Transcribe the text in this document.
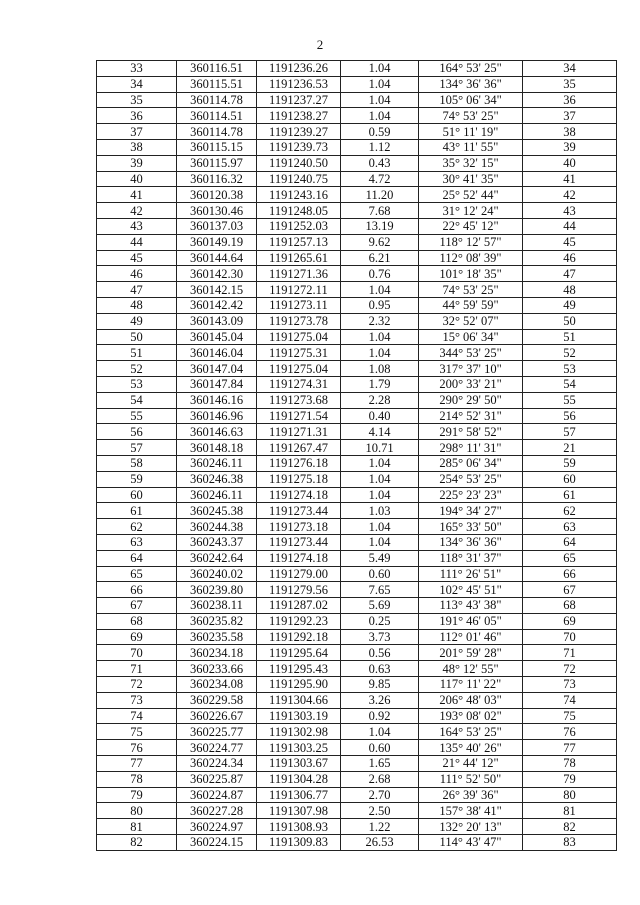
2
33	360116.51	1191236.26	1.04	164° 53' 25"	34
34	360115.51	1191236.53	1.04	134° 36' 36"	35
35	360114.78	1191237.27	1.04	105° 06' 34"	36
36	360114.51	1191238.27	1.04	74° 53' 25"	37
37	360114.78	1191239.27	0.59	51° 11' 19"	38
38	360115.15	1191239.73	1.12	43° 11' 55"	39
39	360115.97	1191240.50	0.43	35° 32' 15"	40
40	360116.32	1191240.75	4.72	30° 41' 35"	41
41	360120.38	1191243.16	11.20	25° 52' 44"	42
42	360130.46	1191248.05	7.68	31° 12' 24"	43
43	360137.03	1191252.03	13.19	22° 45' 12"	44
44	360149.19	1191257.13	9.62	118° 12' 57"	45
45	360144.64	1191265.61	6.21	112° 08' 39"	46
46	360142.30	1191271.36	0.76	101° 18' 35"	47
47	360142.15	1191272.11	1.04	74° 53' 25"	48
48	360142.42	1191273.11	0.95	44° 59' 59"	49
49	360143.09	1191273.78	2.32	32° 52' 07"	50
50	360145.04	1191275.04	1.04	15° 06' 34"	51
51	360146.04	1191275.31	1.04	344° 53' 25"	52
52	360147.04	1191275.04	1.08	317° 37' 10"	53
53	360147.84	1191274.31	1.79	200° 33' 21"	54
54	360146.16	1191273.68	2.28	290° 29' 50"	55
55	360146.96	1191271.54	0.40	214° 52' 31"	56
56	360146.63	1191271.31	4.14	291° 58' 52"	57
57	360148.18	1191267.47	10.71	298° 11' 31"	21
58	360246.11	1191276.18	1.04	285° 06' 34"	59
59	360246.38	1191275.18	1.04	254° 53' 25"	60
60	360246.11	1191274.18	1.04	225° 23' 23"	61
61	360245.38	1191273.44	1.03	194° 34' 27"	62
62	360244.38	1191273.18	1.04	165° 33' 50"	63
63	360243.37	1191273.44	1.04	134° 36' 36"	64
64	360242.64	1191274.18	5.49	118° 31' 37"	65
65	360240.02	1191279.00	0.60	111° 26' 51"	66
66	360239.80	1191279.56	7.65	102° 45' 51"	67
67	360238.11	1191287.02	5.69	113° 43' 38"	68
68	360235.82	1191292.23	0.25	191° 46' 05"	69
69	360235.58	1191292.18	3.73	112° 01' 46"	70
70	360234.18	1191295.64	0.56	201° 59' 28"	71
71	360233.66	1191295.43	0.63	48° 12' 55"	72
72	360234.08	1191295.90	9.85	117° 11' 22"	73
73	360229.58	1191304.66	3.26	206° 48' 03"	74
74	360226.67	1191303.19	0.92	193° 08' 02"	75
75	360225.77	1191302.98	1.04	164° 53' 25"	76
76	360224.77	1191303.25	0.60	135° 40' 26"	77
77	360224.34	1191303.67	1.65	21° 44' 12"	78
78	360225.87	1191304.28	2.68	111° 52' 50"	79
79	360224.87	1191306.77	2.70	26° 39' 36"	80
80	360227.28	1191307.98	2.50	157° 38' 41"	81
81	360224.97	1191308.93	1.22	132° 20' 13"	82
82	360224.15	1191309.83	26.53	114° 43' 47"	83
